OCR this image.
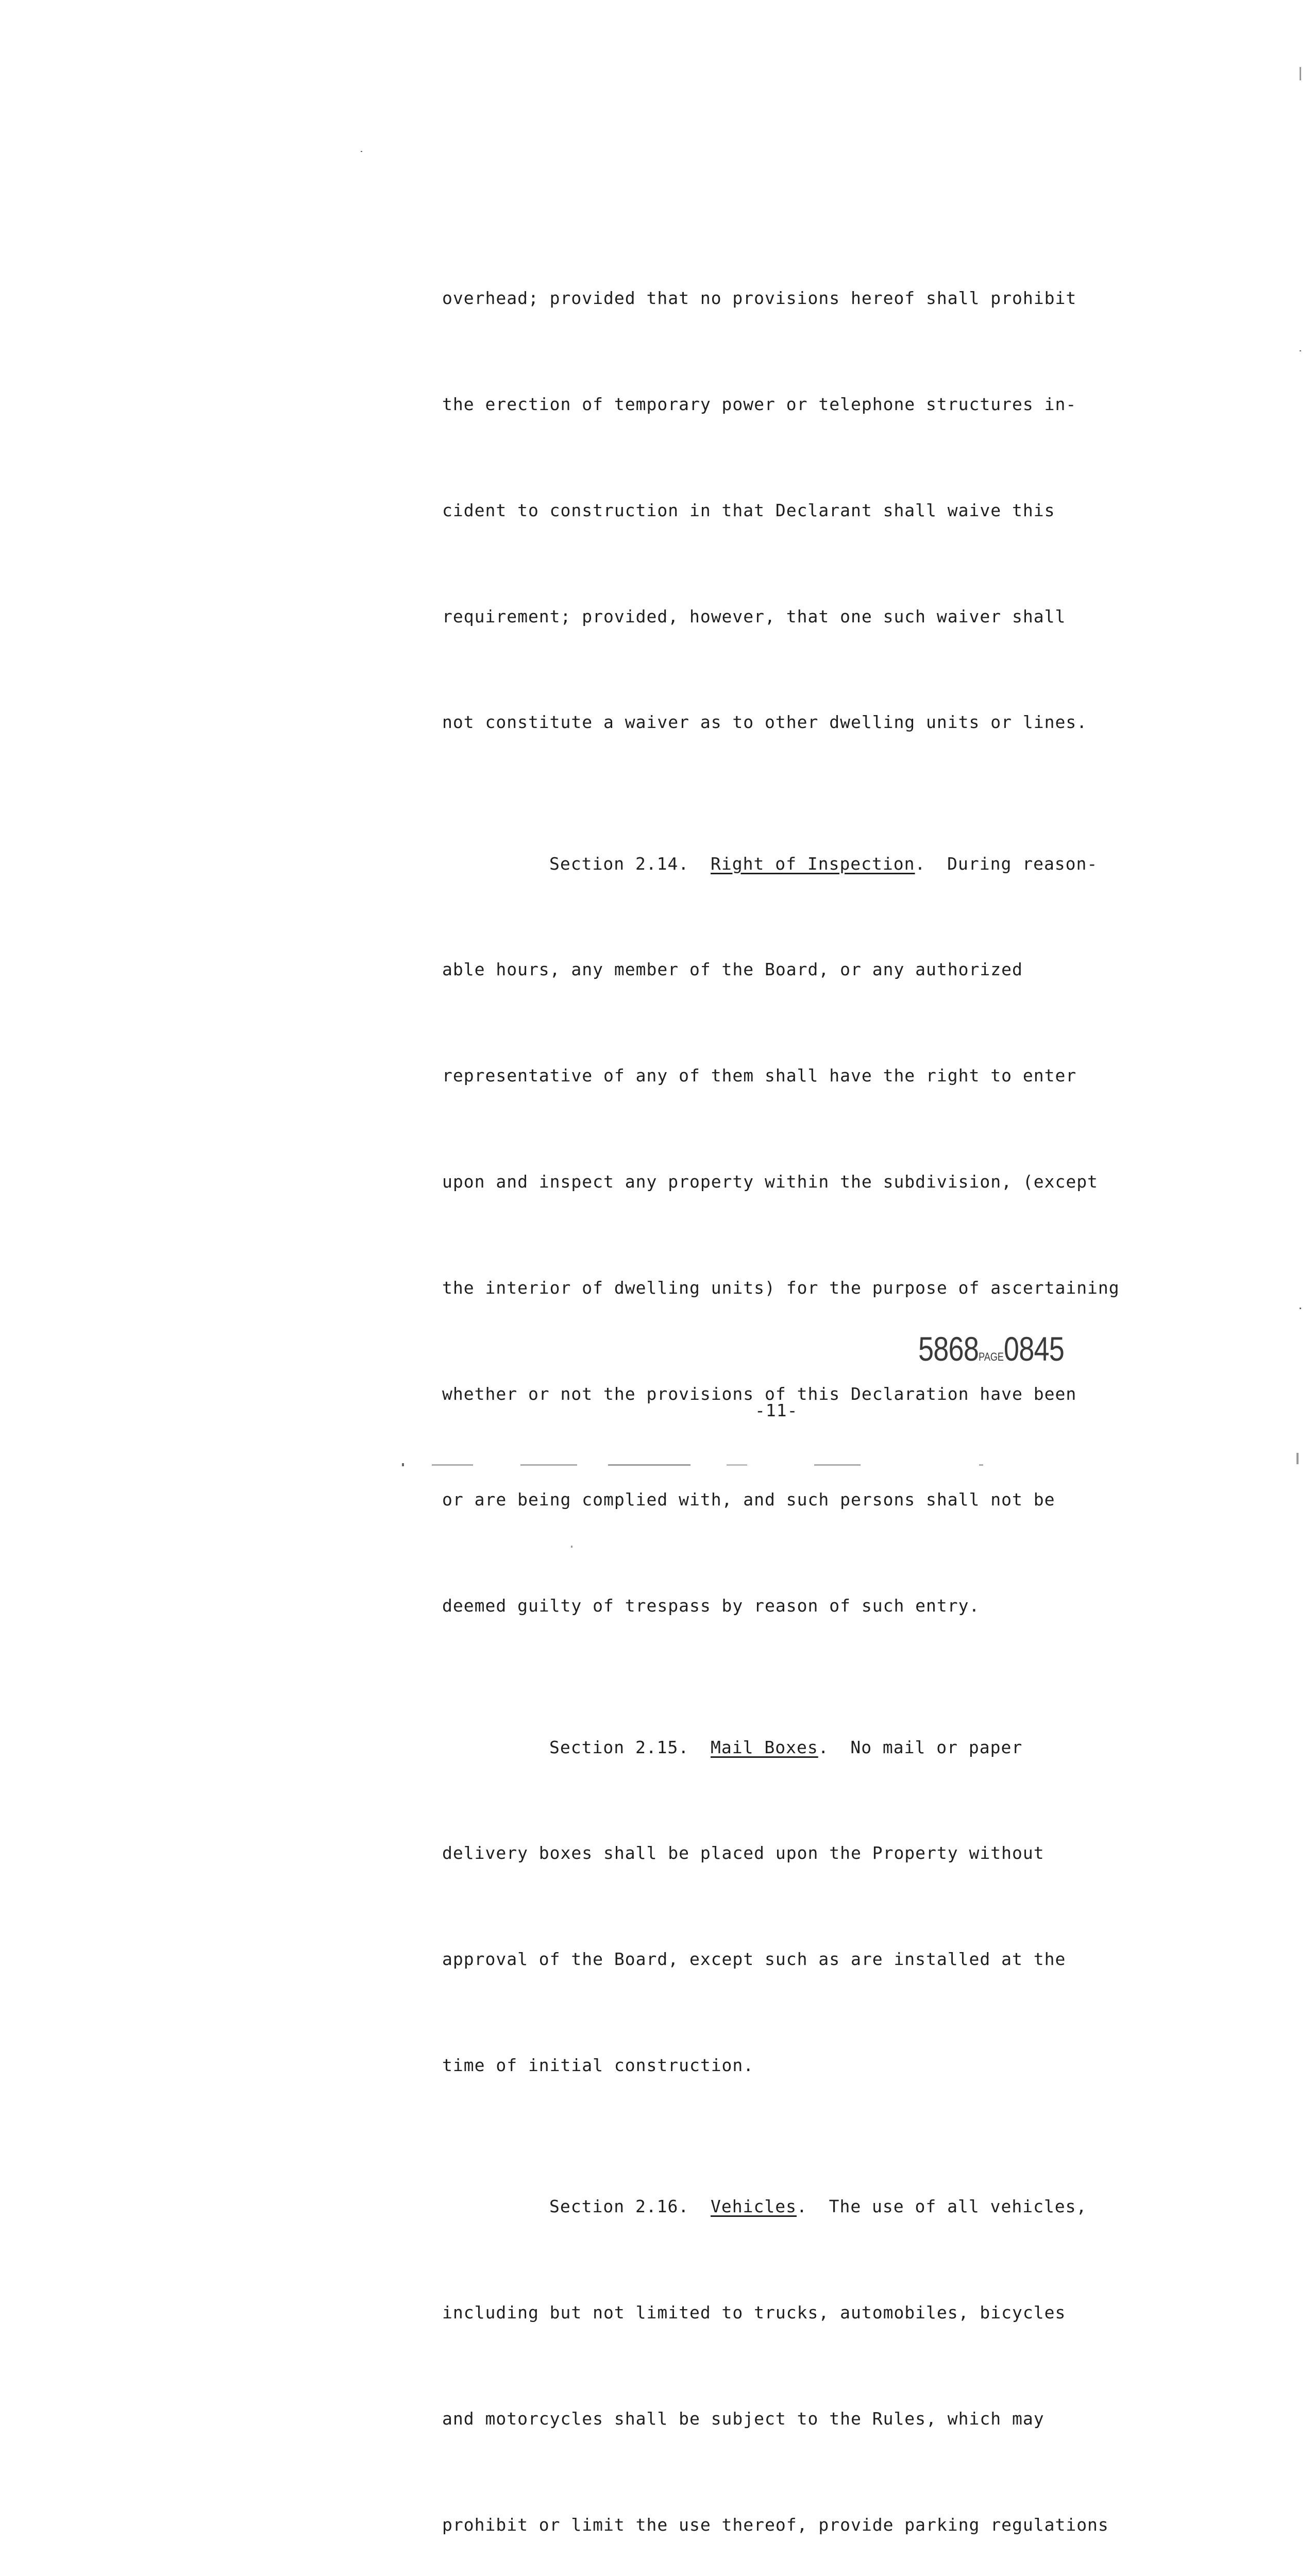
overhead; provided that no provisions hereof shall prohibit

the erection of temporary power or telephone structures in-

cident to construction in that Declarant shall waive this

requirement; provided, however, that one such waiver shall

not constitute a waiver as to other dwelling units or lines.

Section 2.14. Right of Inspection.  During reason-

able hours, any member of the Board, or any authorized

representative of any of them shall have the right to enter

upon and inspect any property within the subdivision, (except

the interior of dwelling units) for the purpose of ascertaining

whether or not the provisions of this Declaration have been

or are being complied with, and such persons shall not be

deemed guilty of trespass by reason of such entry.

Section 2.15. Mail Boxes.  No mail or paper

delivery boxes shall be placed upon the Property without

approval of the Board, except such as are installed at the

time of initial construction.

Section 2.16. Vehicles.  The use of all vehicles,

including but not limited to trucks, automobiles, bicycles

and motorcycles shall be subject to the Rules, which may

prohibit or limit the use thereof, provide parking regulations

5868PAGE0845
-11-
